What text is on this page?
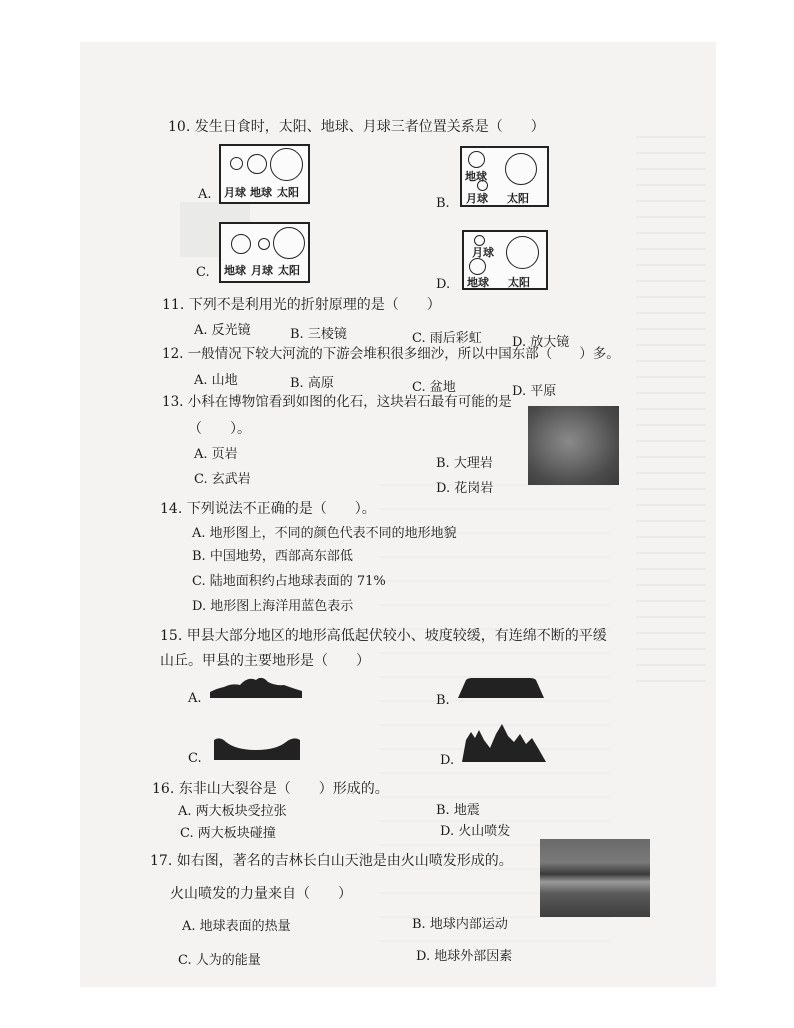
10. 发生日食时，太阳、地球、月球三者位置关系是（　　）
A. 月球 地球 太阳
B.
地球
月球 太阳
C. 地球 月球 太阳
D.
月球
地球 太阳
11. 下列不是利用光的折射原理的是（　　）
A. 反光镜	B. 三棱镜	C. 雨后彩虹 D. 放大镜
12. 一般情况下较大河流的下游会堆积很多细沙，所以中国东部（　　）多。
A. 山地	B. 高原	C. 盆地	D. 平原
13. 小科在博物馆看到如图的化石，这块岩石最有可能的是
（　　）。
A. 页岩
B. 大理岩
C. 玄武岩
D. 花岗岩
14. 下列说法不正确的是（　　）。
A. 地形图上，不同的颜色代表不同的地形地貌
B. 中国地势，西部高东部低
C. 陆地面积约占地球表面的 71%
D. 地形图上海洋用蓝色表示
15. 甲县大部分地区的地形高低起伏较小、坡度较缓，有连绵不断的平缓
山丘。甲县的主要地形是（　　）
A.	B.
C.	D.
16. 东非山大裂谷是（　　）形成的。
A. 两大板块受拉张	B. 地震
C. 两大板块碰撞	D. 火山喷发
17. 如右图，著名的吉林长白山天池是由火山喷发形成的。
火山喷发的力量来自（　　）
A. 地球表面的热量	B. 地球内部运动
C. 人为的能量	D. 地球外部因素
